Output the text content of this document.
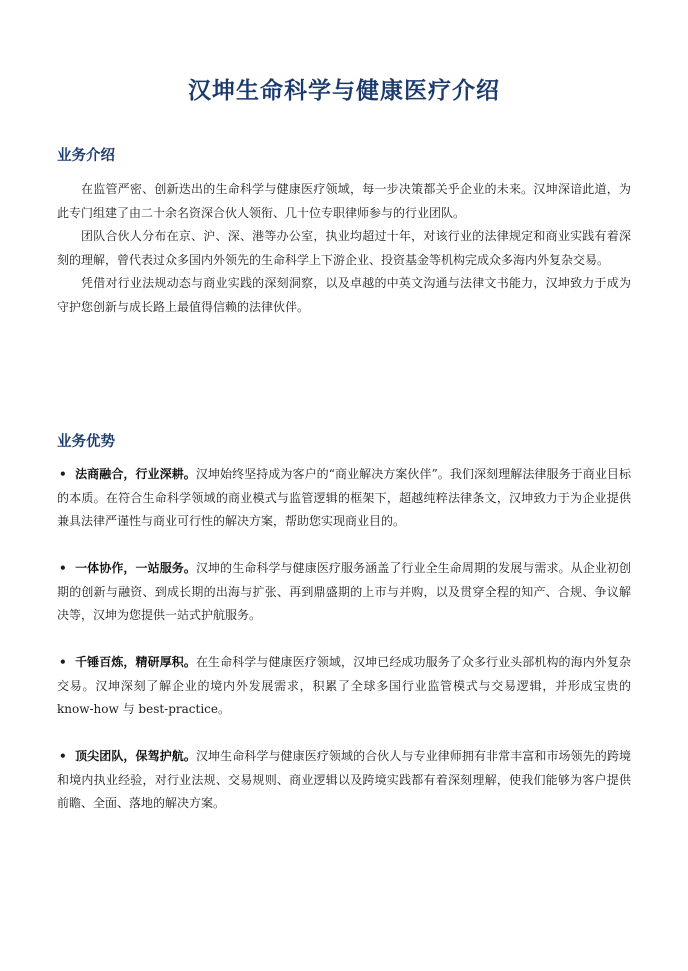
汉坤生命科学与健康医疗介绍
业务介绍

在监管严密、创新迭出的生命科学与健康医疗领域，每一步决策都关乎企业的未来。汉坤深谙此道，为此专门组建了由二十余名资深合伙人领衔、几十位专职律师参与的行业团队。

团队合伙人分布在京、沪、深、港等办公室，执业均超过十年，对该行业的法律规定和商业实践有着深刻的理解，曾代表过众多国内外领先的生命科学上下游企业、投资基金等机构完成众多海内外复杂交易。

凭借对行业法规动态与商业实践的深刻洞察，以及卓越的中英文沟通与法律文书能力，汉坤致力于成为守护您创新与成长路上最值得信赖的法律伙伴。

业务优势
• 法商融合，行业深耕。汉坤始终坚持成为客户的“商业解决方案伙伴”。我们深刻理解法律服务于商业目标的本质。在符合生命科学领域的商业模式与监管逻辑的框架下，超越纯粹法律条文，汉坤致力于为企业提供兼具法律严谨性与商业可行性的解决方案，帮助您实现商业目的。
• 一体协作，一站服务。汉坤的生命科学与健康医疗服务涵盖了行业全生命周期的发展与需求。从企业初创期的创新与融资、到成长期的出海与扩张、再到鼎盛期的上市与并购，以及贯穿全程的知产、合规、争议解决等，汉坤为您提供一站式护航服务。
• 千锤百炼，精研厚积。在生命科学与健康医疗领域，汉坤已经成功服务了众多行业头部机构的海内外复杂交易。汉坤深刻了解企业的境内外发展需求，积累了全球多国行业监管模式与交易逻辑，并形成宝贵的 know-how 与 best-practice。
• 顶尖团队，保驾护航。汉坤生命科学与健康医疗领域的合伙人与专业律师拥有非常丰富和市场领先的跨境和境内执业经验，对行业法规、交易规则、商业逻辑以及跨境实践都有着深刻理解，使我们能够为客户提供前瞻、全面、落地的解决方案。
